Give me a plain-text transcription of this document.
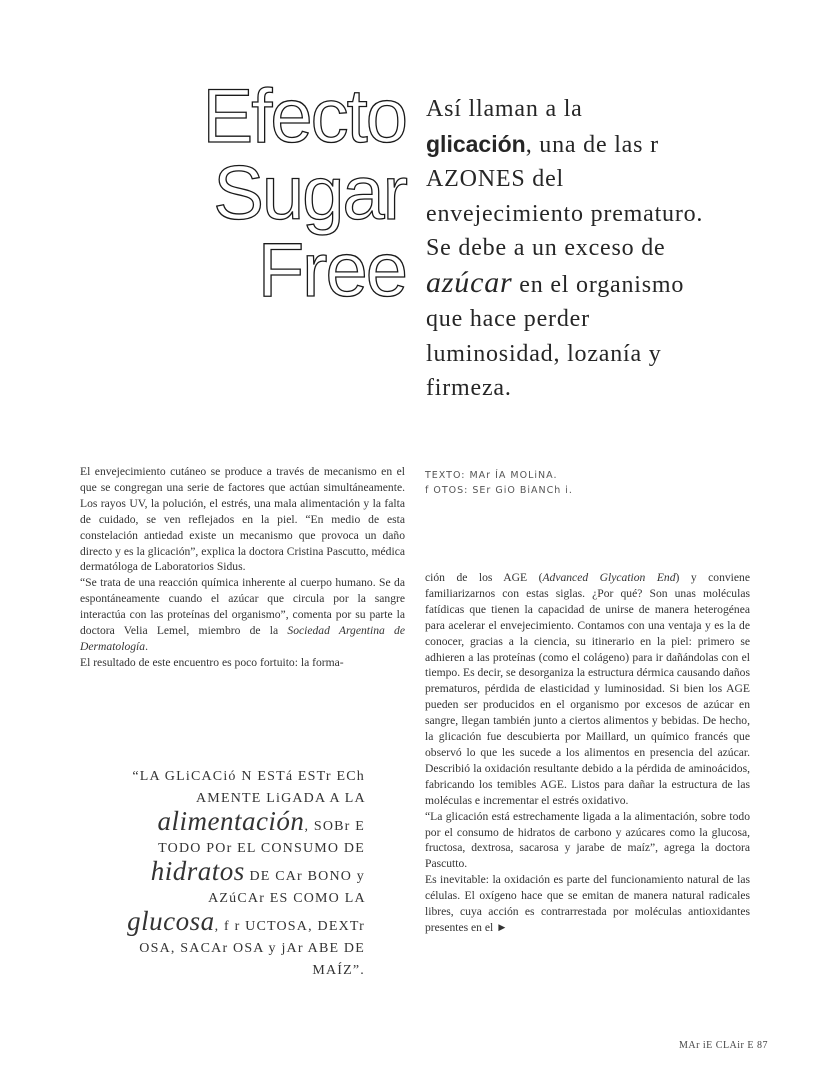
Efecto
Sugar
Free
Así llaman a la
glicación, una de las r AZONES del envejecimiento prematuro. Se debe a un exceso de azúcar en el organismo que hace perder luminosidad, lozanía y firmeza.
TEXTO: MAr ÍA MOLiNA.
f OTOS: SEr GiO BiANCh i.

El envejecimiento cutáneo se produce a través de mecanismo en el que se congregan una serie de factores que actúan simultáneamente. Los rayos UV, la polución, el estrés, una mala alimentación y la falta de cuidado, se ven reflejados en la piel. “En medio de esta constelación antiedad existe un mecanismo que provoca un daño directo y es la glicación”, explica la doctora Cristina Pascutto, médica dermatóloga de Laboratorios Sidus.

“Se trata de una reacción química inherente al cuerpo humano. Se da espontáneamente cuando el azúcar que circula por la sangre interactúa con las proteínas del organismo”, comenta por su parte la doctora Velia Lemel, miembro de la Sociedad Argentina de Dermatología.

El resultado de este encuentro es poco fortuito: la forma-

ción de los AGE (Advanced Glycation End) y conviene familiarizarnos con estas siglas. ¿Por qué? Son unas moléculas fatídicas que tienen la capacidad de unirse de manera heterogénea para acelerar el envejecimiento. Contamos con una ventaja y es la de conocer, gracias a la ciencia, su itinerario en la piel: primero se adhieren a las proteínas (como el colágeno) para ir dañándolas con el tiempo. Es decir, se desorganiza la estructura dérmica causando daños prematuros, pérdida de elasticidad y luminosidad. Si bien los AGE pueden ser producidos en el organismo por excesos de azúcar en sangre, llegan también junto a ciertos alimentos y bebidas. De hecho, la glicación fue descubierta por Maillard, un químico francés que observó lo que les sucede a los alimentos en presencia del azúcar. Describió la oxidación resultante debido a la pérdida de aminoácidos, fabricando los temibles AGE. Listos para dañar la estructura de las moléculas e incrementar el estrés oxidativo.

“La glicación está estrechamente ligada a la alimentación, sobre todo por el consumo de hidratos de carbono y azúcares como la glucosa, fructosa, dextrosa, sacarosa y jarabe de maíz”, agrega la doctora Pascutto.

Es inevitable: la oxidación es parte del funcionamiento natural de las células. El oxígeno hace que se emitan de manera natural radicales libres, cuya acción es contrarrestada por moléculas antioxidantes presentes en el ►

“LA GLiCACió N ESTá ESTr ECh AMENTE LiGADA A LA alimentación, SOBr E TODO POr EL CONSUMO DE hidratos DE CAr BONO y AZúCAr ES COMO LA glucosa, f r UCTOSA, DEXTr OSA, SACAr OSA y jAr ABE DE MAÍZ”.
MAr iE CLAir E 87
